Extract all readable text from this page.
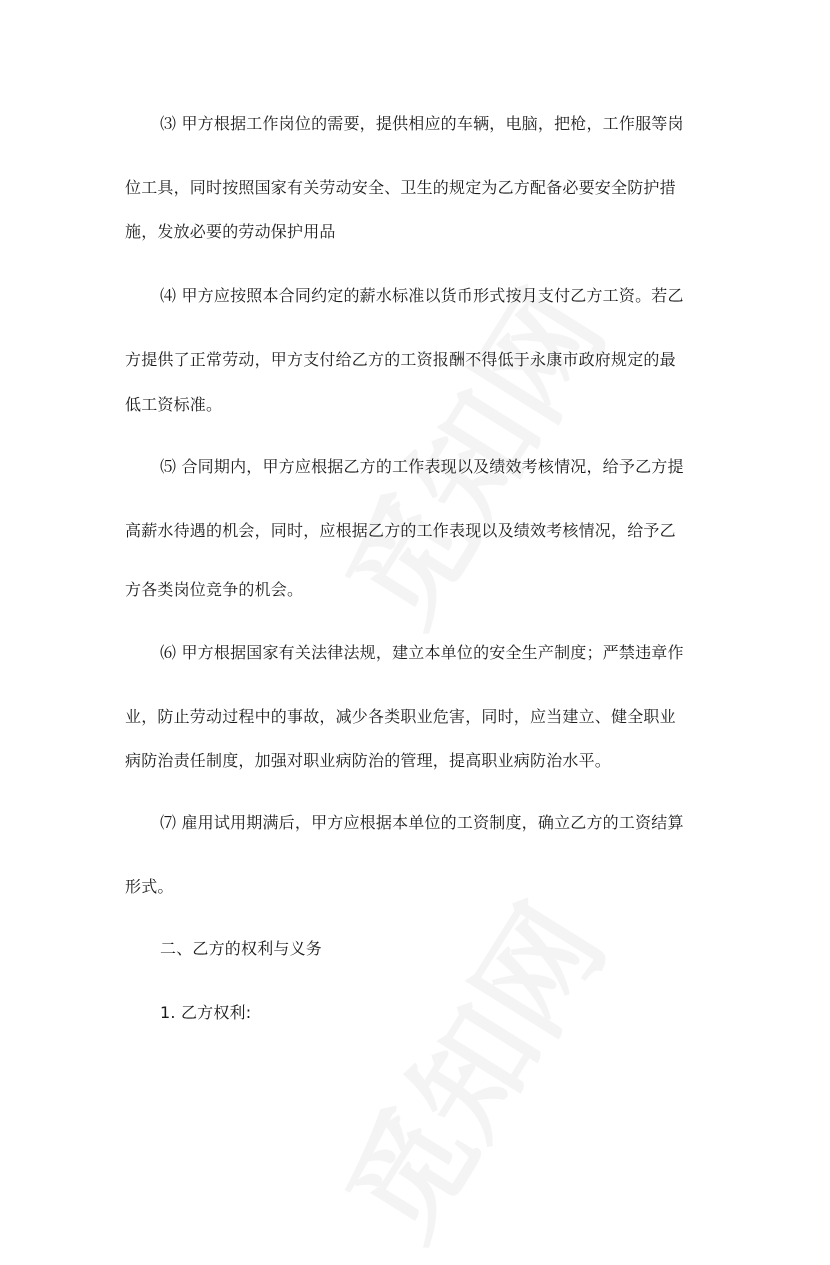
⑶ 甲方根据工作岗位的需要，提供相应的车辆，电脑，把枪，工作服等岗
位工具，同时按照国家有关劳动安全、卫生的规定为乙方配备必要安全防护措
施，发放必要的劳动保护用品
⑷ 甲方应按照本合同约定的薪水标准以货币形式按月支付乙方工资。若乙
方提供了正常劳动，甲方支付给乙方的工资报酬不得低于永康市政府规定的最
低工资标准。
⑸ 合同期内，甲方应根据乙方的工作表现以及绩效考核情况，给予乙方提
高薪水待遇的机会，同时，应根据乙方的工作表现以及绩效考核情况，给予乙
方各类岗位竞争的机会。
⑹ 甲方根据国家有关法律法规，建立本单位的安全生产制度；严禁违章作
业，防止劳动过程中的事故，减少各类职业危害，同时，应当建立、健全职业
病防治责任制度，加强对职业病防治的管理，提高职业病防治水平。
⑺ 雇用试用期满后，甲方应根据本单位的工资制度，确立乙方的工资结算
形式。
二、乙方的权利与义务
1. 乙方权利:
